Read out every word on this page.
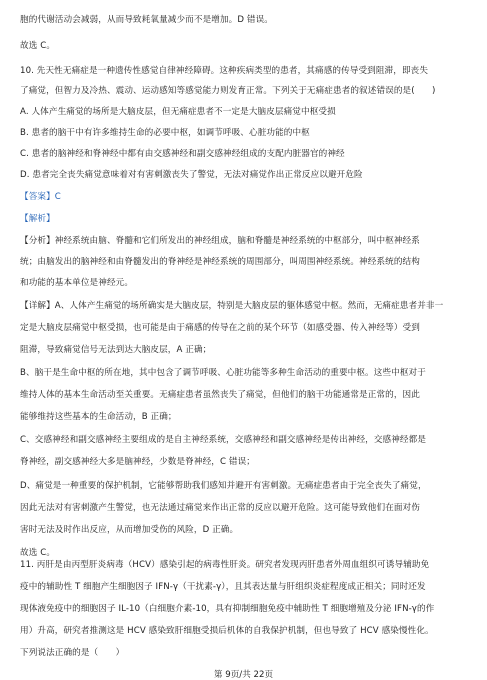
胞的代谢活动会减弱，从而导致耗氧量减少而不是增加。D 错误。
故选 C。
10. 先天性无痛症是一种遗传性感觉自律神经障碍。这种疾病类型的患者，其痛感的传导受到阻滞，即丧失
了痛觉，但智力及冷热、震动、运动感知等感觉能力则发育正常。下列关于无痛症患者的叙述错误的是(　　)
A. 人体产生痛觉的场所是大脑皮层，但无痛症患者不一定是大脑皮层痛觉中枢受损
B. 患者的脑干中有许多维持生命的必要中枢，如调节呼吸、心脏功能的中枢
C. 患者的脑神经和脊神经中都有由交感神经和副交感神经组成的支配内脏器官的神经
D. 患者完全丧失痛觉意味着对有害刺激丧失了警觉，无法对痛觉作出正常反应以避开危险
【答案】C
【解析】
【分析】神经系统由脑、脊髓和它们所发出的神经组成，脑和脊髓是神经系统的中枢部分，叫中枢神经系
统；由脑发出的脑神经和由脊髓发出的脊神经是神经系统的周围部分，叫周围神经系统。神经系统的结构
和功能的基本单位是神经元。
【详解】A、人体产生痛觉的场所确实是大脑皮层，特别是大脑皮层的躯体感觉中枢。然而，无痛症患者并非一
定是大脑皮层痛觉中枢受损，也可能是由于痛感的传导在之前的某个环节（如感受器、传入神经等）受到
阻滞，导致痛觉信号无法到达大脑皮层，A 正确；
B、脑干是生命中枢的所在地，其中包含了调节呼吸、心脏功能等多种生命活动的重要中枢。这些中枢对于
维持人体的基本生命活动至关重要。无痛症患者虽然丧失了痛觉，但他们的脑干功能通常是正常的，因此
能够维持这些基本的生命活动，B 正确；
C、交感神经和副交感神经主要组成的是自主神经系统，交感神经和副交感神经是传出神经，交感神经都是
脊神经，副交感神经大多是脑神经，少数是脊神经，C 错误；
D、痛觉是一种重要的保护机制，它能够帮助我们感知并避开有害刺激。无痛症患者由于完全丧失了痛觉，
因此无法对有害刺激产生警觉，也无法通过痛觉来作出正常的反应以避开危险。这可能导致他们在面对伤
害时无法及时作出反应，从而增加受伤的风险，D 正确。
故选 C。
11. 丙肝是由丙型肝炎病毒（HCV）感染引起的病毒性肝炎。研究者发现丙肝患者外周血组织可诱导辅助免
疫中的辅助性 T 细胞产生细胞因子 IFN-γ（干扰素-γ），且其表达量与肝组织炎症程度成正相关；同时还发
现体液免疫中的细胞因子 IL-10（白细胞介素-10，具有抑制细胞免疫中辅助性 T 细胞增殖及分泌 IFN-γ的作
用）升高，研究者推测这是 HCV 感染致肝细胞受损后机体的自我保护机制，但也导致了 HCV 感染慢性化。
下列说法正确的是（　　）
第 9页/共 22页
